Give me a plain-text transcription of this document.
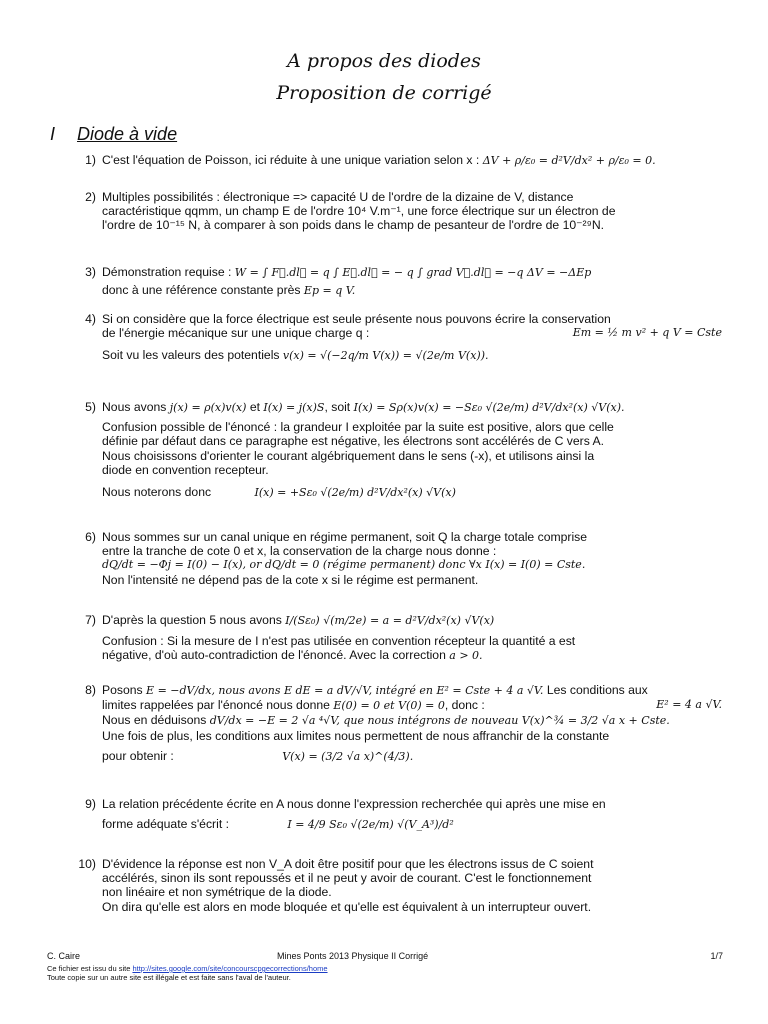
A propos des diodes
Proposition de corrigé
I Diode à vide
1) C'est l'équation de Poisson, ici réduite à une unique variation selon x : ΔV + ρ/ε₀ = d²V/dx² + ρ/ε₀ = 0.

2) Multiples possibilités : électronique => capacité U de l'ordre de la dizaine de V, distance

caractéristique qqmm, un champ E de l'ordre 10⁴ V.m⁻¹, une force électrique sur un électron de

l'ordre de 10⁻¹⁵ N, à comparer à son poids dans le champ de pesanteur de l'ordre de 10⁻²⁹N.

3) Démonstration requise : W = ∫ F⃗.dl⃗ = q ∫ E⃗.dl⃗ = − q ∫ grad V⃗.dl⃗ = −q ΔV = −ΔEp

donc à une référence constante près Ep = q V.

4) Si on considère que la force électrique est seule présente nous pouvons écrire la conservation

de l'énergie mécanique sur une unique charge q :	Em = ½ m v² + q V = Cste

Soit vu les valeurs des potentiels v(x) = √(−2q/m V(x)) = √(2e/m V(x)).

5) Nous avons j(x) = ρ(x)v(x) et I(x) = j(x)S, soit I(x) = Sρ(x)v(x) = −Sε₀ √(2e/m) d²V/dx²(x) √V(x).

Confusion possible de l'énoncé : la grandeur I exploitée par la suite est positive, alors que celle

définie par défaut dans ce paragraphe est négative, les électrons sont accélérés de C vers A.

Nous choisissons d'orienter le courant algébriquement dans le sens (-x), et utilisons ainsi la

diode en convention recepteur.

Nous noterons donc	I(x) = +Sε₀ √(2e/m) d²V/dx²(x) √V(x)

6) Nous sommes sur un canal unique en régime permanent, soit Q la charge totale comprise

entre la tranche de cote 0 et x, la conservation de la charge nous donne :

dQ/dt = −Φj = I(0) − I(x), or dQ/dt = 0 (régime permanent) donc ∀x I(x) = I(0) = Cste.

Non l'intensité ne dépend pas de la cote x si le régime est permanent.

7) D'après la question 5 nous avons I/(Sε₀) √(m/2e) = a = d²V/dx²(x) √V(x)

Confusion : Si la mesure de I n'est pas utilisée en convention récepteur la quantité a est

négative, d'où auto-contradiction de l'énoncé. Avec la correction a > 0.

8) Posons E = −dV/dx, nous avons E dE = a dV/√V, intégré en E² = Cste + 4 a √V. Les conditions aux

limites rappelées par l'énoncé nous donne E(0) = 0 et V(0) = 0, donc :	E² = 4 a √V.

Nous en déduisons dV/dx = −E = 2 √a ⁴√V, que nous intégrons de nouveau V(x)^¾ = 3/2 √a x + Cste.

Une fois de plus, les conditions aux limites nous permettent de nous affranchir de la constante

pour obtenir :	V(x) = (3/2 √a x)^(4/3).

9) La relation précédente écrite en A nous donne l'expression recherchée qui après une mise en

forme adéquate s'écrit :	I = 4/9 Sε₀ √(2e/m) √(V_A³)/d²

10) D'évidence la réponse est non V_A doit être positif pour que les électrons issus de C soient

accélérés, sinon ils sont repoussés et il ne peut y avoir de courant. C'est le fonctionnement

non linéaire et non symétrique de la diode.

On dira qu'elle est alors en mode bloquée et qu'elle est équivalent à un interrupteur ouvert.

C. Caire	Mines Ponts 2013 Physique II Corrigé	1/7
Ce fichier est issu du site http://sites.google.com/site/concourscpgecorrections/home
Toute copie sur un autre site est illégale et est faite sans l'aval de l'auteur.
